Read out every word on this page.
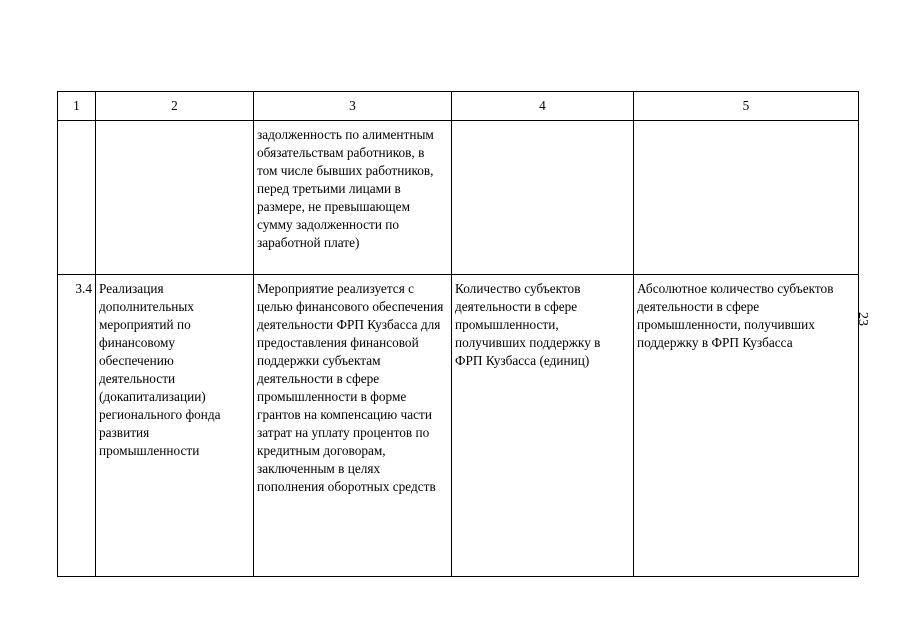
1	2	3	4	5
		задолженность по алиментным обязательствам работников, в том числе бывших работников, перед третьими лицами в размере, не превышающем сумму задолженности по заработной плате)		
3.4	Реализация дополнительных мероприятий по финансовому обеспечению деятельности (докапитализации) регионального фонда развития промышленности	Мероприятие реализуется с целью финансового обеспечения деятельности ФРП Кузбасса для предоставления финансовой поддержки субъектам деятельности в сфере промышленности в форме грантов на компенсацию части затрат на уплату процентов по кредитным договорам, заключенным в целях пополнения оборотных средств	Количество субъектов деятельности в сфере промышленности, получивших поддержку в ФРП Кузбасса (единиц)	Абсолютное количество субъектов деятельности в сфере промышленности, получивших поддержку в ФРП Кузбасса
23
